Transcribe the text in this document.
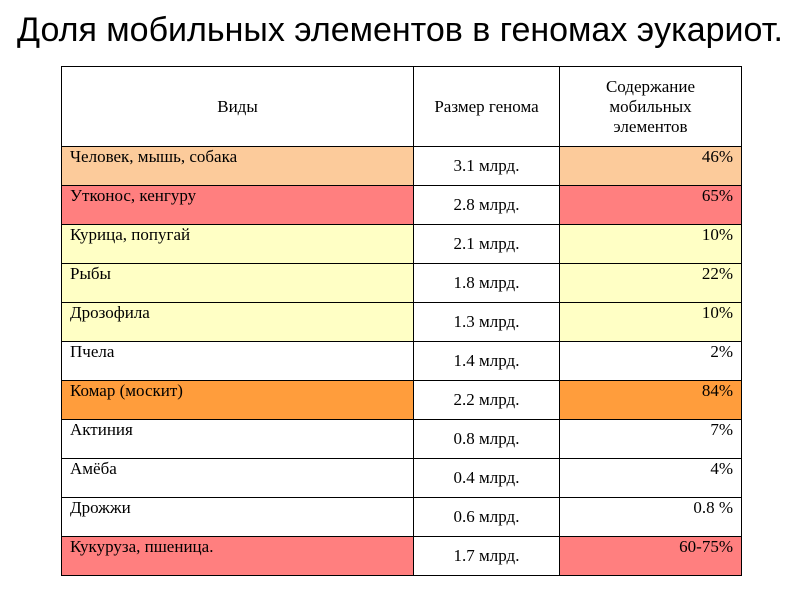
Доля мобильных элементов в геномах эукариот.
Виды	Размер генома	Содержание мобильных элементов

Человек, мышь, собака	3.1 млрд.	46%
Утконос, кенгуру	2.8 млрд.	65%
Курица, попугай	2.1 млрд.	10%
Рыбы	1.8 млрд.	22%
Дрозофила	1.3 млрд.	10%
Пчела	1.4 млрд.	2%
Комар (москит)	2.2 млрд.	84%
Актиния	0.8 млрд.	7%
Амёба	0.4 млрд.	4%
Дрожжи	0.6 млрд.	0.8 %
Кукуруза, пшеница.	1.7 млрд.	60-75%
